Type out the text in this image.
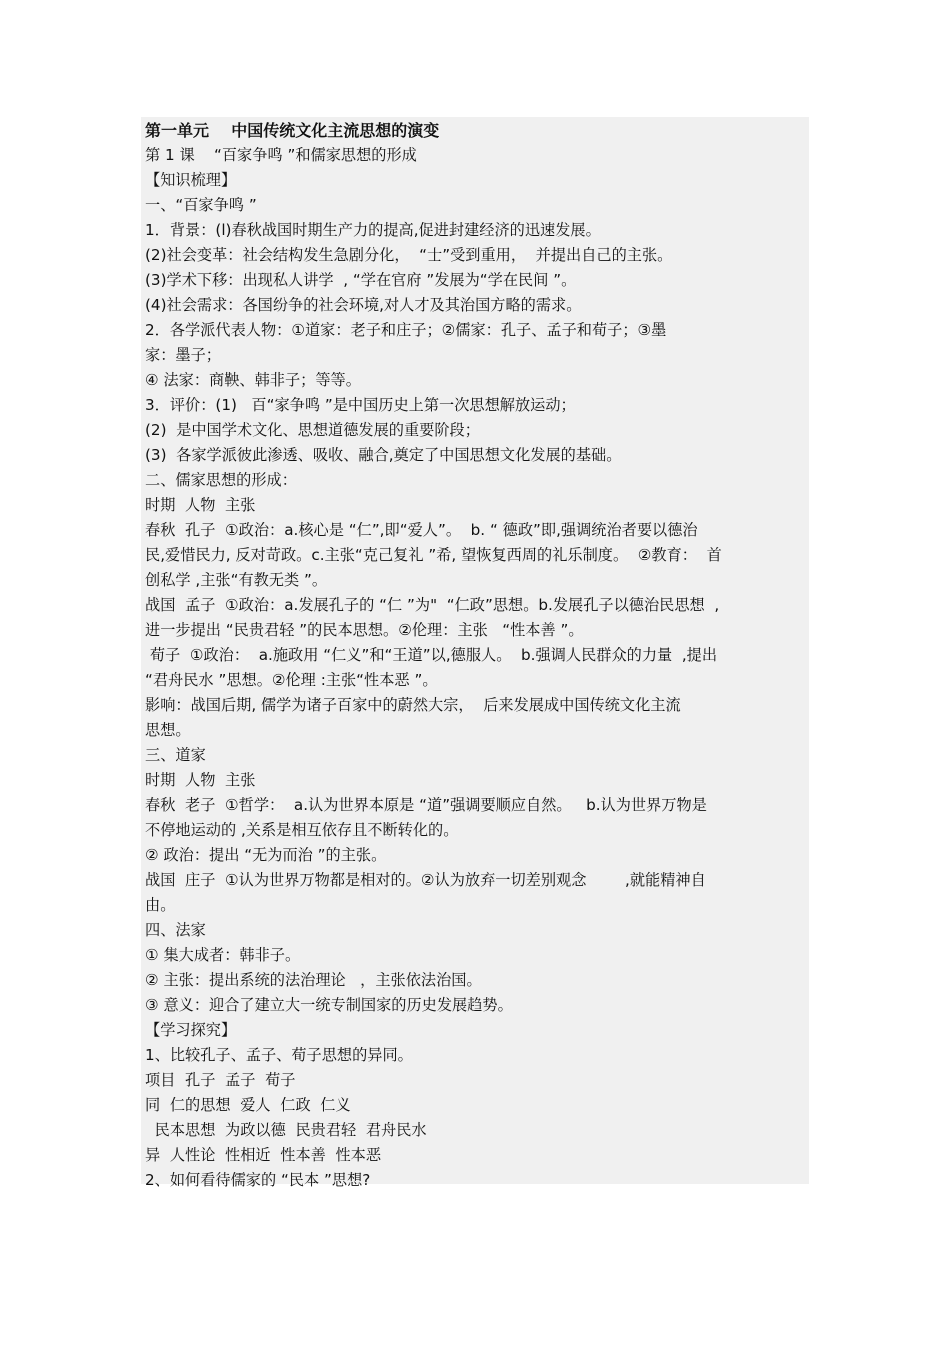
第一单元    中国传统文化主流思想的演变
第 1 课    “百家争鸣 ”和儒家思想的形成
【知识梳理】
一、“百家争鸣 ”
1．背景：(l)春秋战国时期生产力的提高,促进封建经济的迅速发展。
(2)社会变革：社会结构发生急剧分化，  “士”受到重用，  并提出自己的主张。
(3)学术下移：出现私人讲学  , “学在官府 ”发展为“学在民间 ”。
(4)社会需求：各国纷争的社会环境,对人才及其治国方略的需求。
2．各学派代表人物：①道家：老子和庄子；②儒家：孔子、孟子和荀子；③墨
家：墨子；
④ 法家：商鞅、韩非子；等等。
3．评价：(1)   百“家争鸣 ”是中国历史上第一次思想解放运动；
(2)  是中国学术文化、思想道德发展的重要阶段；
(3)  各家学派彼此渗透、吸收、融合,奠定了中国思想文化发展的基础。
二、儒家思想的形成：
时期  人物  主张
春秋  孔子  ①政治：a.核心是 “仁”,即“爱人”。  b. “ 德政”即,强调统治者要以德治
民,爱惜民力, 反对苛政。c.主张“克己复礼 ”希, 望恢复西周的礼乐制度。  ②教育：  首
创私学 ,主张“有教无类 ”。
战国  孟子  ①政治：a.发展孔子的 “仁 ”为"  “仁政”思想。b.发展孔子以德治民思想  ,
进一步提出 “民贵君轻 ”的民本思想。②伦理：主张   “性本善 ”。
荀子  ①政治：  a.施政用 “仁义”和“王道”以,德服人。  b.强调人民群众的力量  ,提出
“君舟民水 ”思想。②伦理 :主张“性本恶 ”。
影响：战国后期, 儒学为诸子百家中的蔚然大宗，  后来发展成中国传统文化主流
思想。
三、道家
时期  人物  主张
春秋  老子  ①哲学：  a.认为世界本原是 “道”强调要顺应自然。   b.认为世界万物是
不停地运动的 ,关系是相互依存且不断转化的。
② 政治：提出 “无为而治 ”的主张。
战国  庄子  ①认为世界万物都是相对的。②认为放弃一切差别观念        ,就能精神自
由。
四、法家
① 集大成者：韩非子。
② 主张：提出系统的法治理论   ，主张依法治国。
③ 意义：迎合了建立大一统专制国家的历史发展趋势。
【学习探究】
1、比较孔子、孟子、荀子思想的异同。
项目  孔子  孟子  荀子
同  仁的思想  爱人  仁政  仁义
民本思想  为政以德  民贵君轻  君舟民水
异  人性论  性相近  性本善  性本恶
2、如何看待儒家的 “民本 ”思想?
